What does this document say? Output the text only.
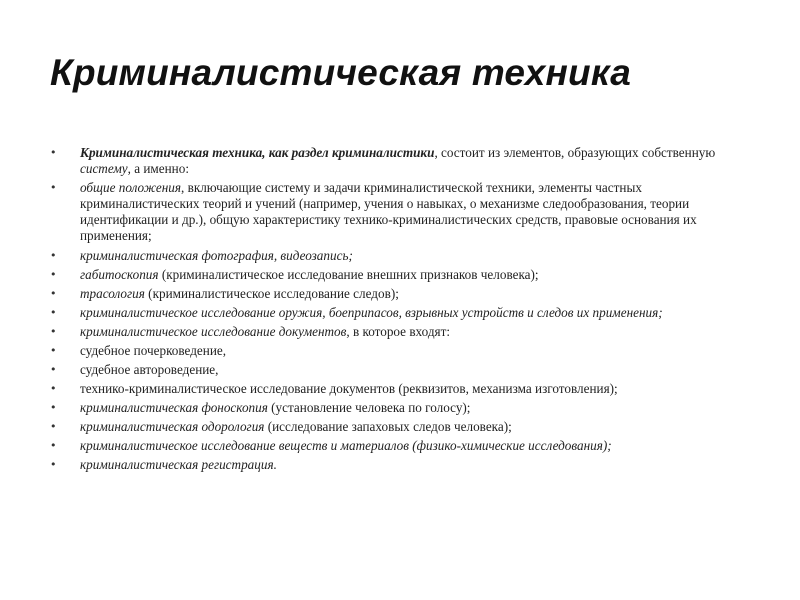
Криминалистическая техника
• Криминалистическая техника, как раздел криминалистики, состоит из элементов, образующих собственную систему, а именно:
• общие положения, включающие систему и задачи криминалистической техники, элементы частных криминалистических теорий и учений (например, учения о навыках, о механизме следообразования, теории идентификации и др.), общую характеристику технико-криминалистических средств, правовые основания их применения;
• криминалистическая фотография, видеозапись;
• габитоскопия (криминалистическое исследование внешних признаков человека);
• трасология (криминалистическое исследование следов);
• криминалистическое исследование оружия, боеприпасов, взрывных устройств и следов их применения;
• криминалистическое исследование документов, в которое входят:
• судебное почерковедение,
• судебное автороведение,
• технико-криминалистическое исследование документов (реквизитов, механизма изготовления);
• криминалистическая фоноскопия (установление человека по голосу);
• криминалистическая одорология (исследование запаховых следов человека);
• криминалистическое исследование веществ и материалов (физико-химические исследования);
• криминалистическая регистрация.
